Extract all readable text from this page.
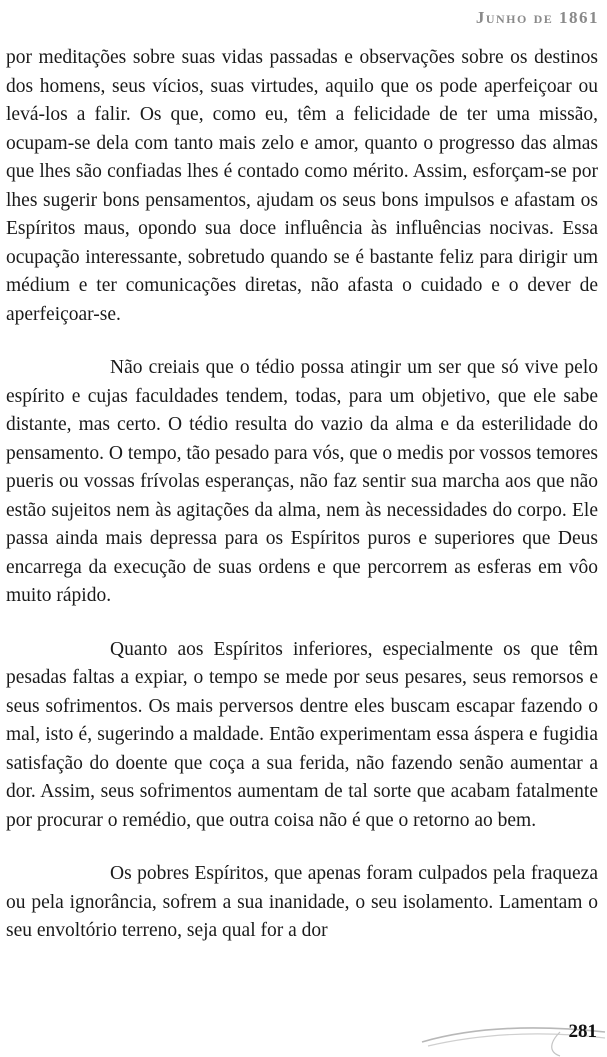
Junho de 1861

por meditações sobre suas vidas passadas e observações sobre os destinos dos homens, seus vícios, suas virtudes, aquilo que os pode aperfeiçoar ou levá-los a falir. Os que, como eu, têm a felicidade de ter uma missão, ocupam-se dela com tanto mais zelo e amor, quanto o progresso das almas que lhes são confiadas lhes é contado como mérito. Assim, esforçam-se por lhes sugerir bons pensamentos, ajudam os seus bons impulsos e afastam os Espíritos maus, opondo sua doce influência às influências nocivas. Essa ocupação interessante, sobretudo quando se é bastante feliz para dirigir um médium e ter comunicações diretas, não afasta o cuidado e o dever de aperfeiçoar-se.

Não creiais que o tédio possa atingir um ser que só vive pelo espírito e cujas faculdades tendem, todas, para um objetivo, que ele sabe distante, mas certo. O tédio resulta do vazio da alma e da esterilidade do pensamento. O tempo, tão pesado para vós, que o medis por vossos temores pueris ou vossas frívolas esperanças, não faz sentir sua marcha aos que não estão sujeitos nem às agitações da alma, nem às necessidades do corpo. Ele passa ainda mais depressa para os Espíritos puros e superiores que Deus encarrega da execução de suas ordens e que percorrem as esferas em vôo muito rápido.

Quanto aos Espíritos inferiores, especialmente os que têm pesadas faltas a expiar, o tempo se mede por seus pesares, seus remorsos e seus sofrimentos. Os mais perversos dentre eles buscam escapar fazendo o mal, isto é, sugerindo a maldade. Então experimentam essa áspera e fugidia satisfação do doente que coça a sua ferida, não fazendo senão aumentar a dor. Assim, seus sofrimentos aumentam de tal sorte que acabam fatalmente por procurar o remédio, que outra coisa não é que o retorno ao bem.

Os pobres Espíritos, que apenas foram culpados pela fraqueza ou pela ignorância, sofrem a sua inanidade, o seu isolamento. Lamentam o seu envoltório terreno, seja qual for a dor

281
